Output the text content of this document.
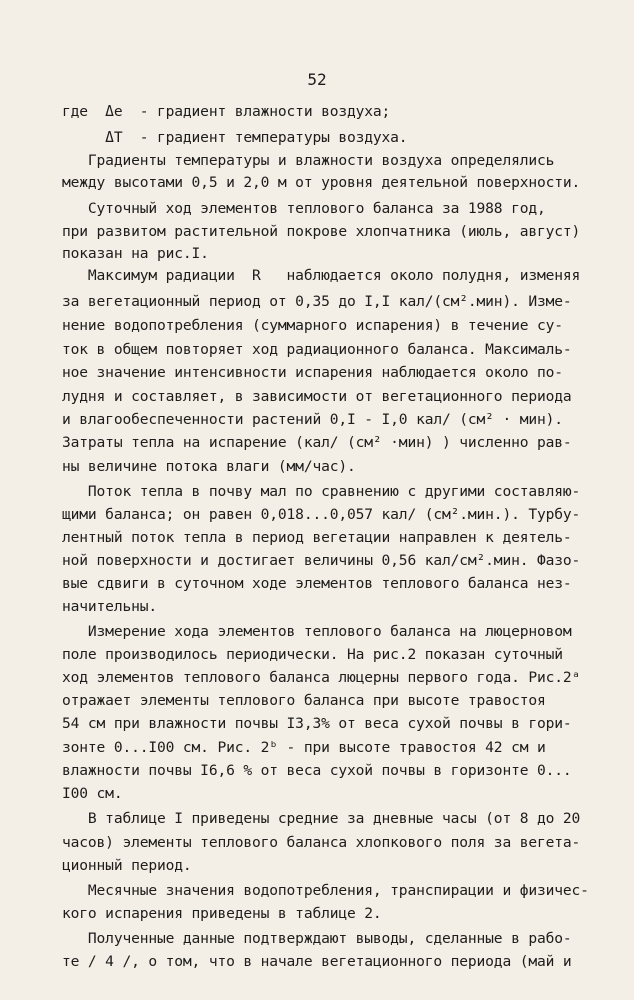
52
где  Δe  - градиент влажности воздуха;
ΔT  - градиент температуры воздуха.
Градиенты температуры и влажности воздуха определялись
между высотами 0,5 и 2,0 м от уровня деятельной поверхности.
Суточный ход элементов теплового баланса за 1988 год,
при развитом растительной покрове хлопчатника (июль, август)
показан на рис.I.
Максимум радиации  R   наблюдается около полудня, изменяя
за вегетационный период от 0,35 до I,I кал/(см².мин). Измe-
нение водопотребления (суммарного испарения) в течение су-
ток в общем повторяет ход радиационного баланса. Максималь-
ное значение интенсивности испарения наблюдается около по-
лудня и составляет, в зависимости от вегетационного периода
и влагообеспеченности растений 0,I - I,0 кал/ (см² · мин).
Затраты тепла на испарение (кал/ (см² ·мин) ) численно рав-
ны величине потока влаги (мм/час).
Поток тепла в почву мал по сравнению с другими составляю-
щими баланса; он равен 0,018...0,057 кал/ (см².мин.). Турбу-
лентный поток тепла в период вегетации направлен к деятель-
ной поверхности и достигает величины 0,56 кал/см².мин. Фазо-
вые сдвиги в суточном ходе элементов теплового баланса нез-
начительны.
Измерение хода элементов теплового баланса на люцерновом
поле производилось периодически. На рис.2 показан суточный
ход элементов теплового баланса люцерны первого года. Рис.2ᵃ
отражает элементы теплового баланса при высоте травостоя
54 см при влажности почвы I3,3% от веса сухой почвы в гори-
зонте 0...I00 см. Рис. 2ᵇ - при высоте травостоя 42 см и
влажности почвы I6,6 % от веса сухой почвы в горизонте 0...
I00 см.
В таблице I приведены средние за дневные часы (от 8 до 20
часов) элементы теплового баланса хлопкового поля за вегета-
ционный период.
Месячные значения водопотребления, транспирации и физичес-
кого испарения приведены в таблице 2.
Полученные данные подтверждают выводы, сделанные в рабо-
те / 4 /, о том, что в начале вегетационного периода (май и
